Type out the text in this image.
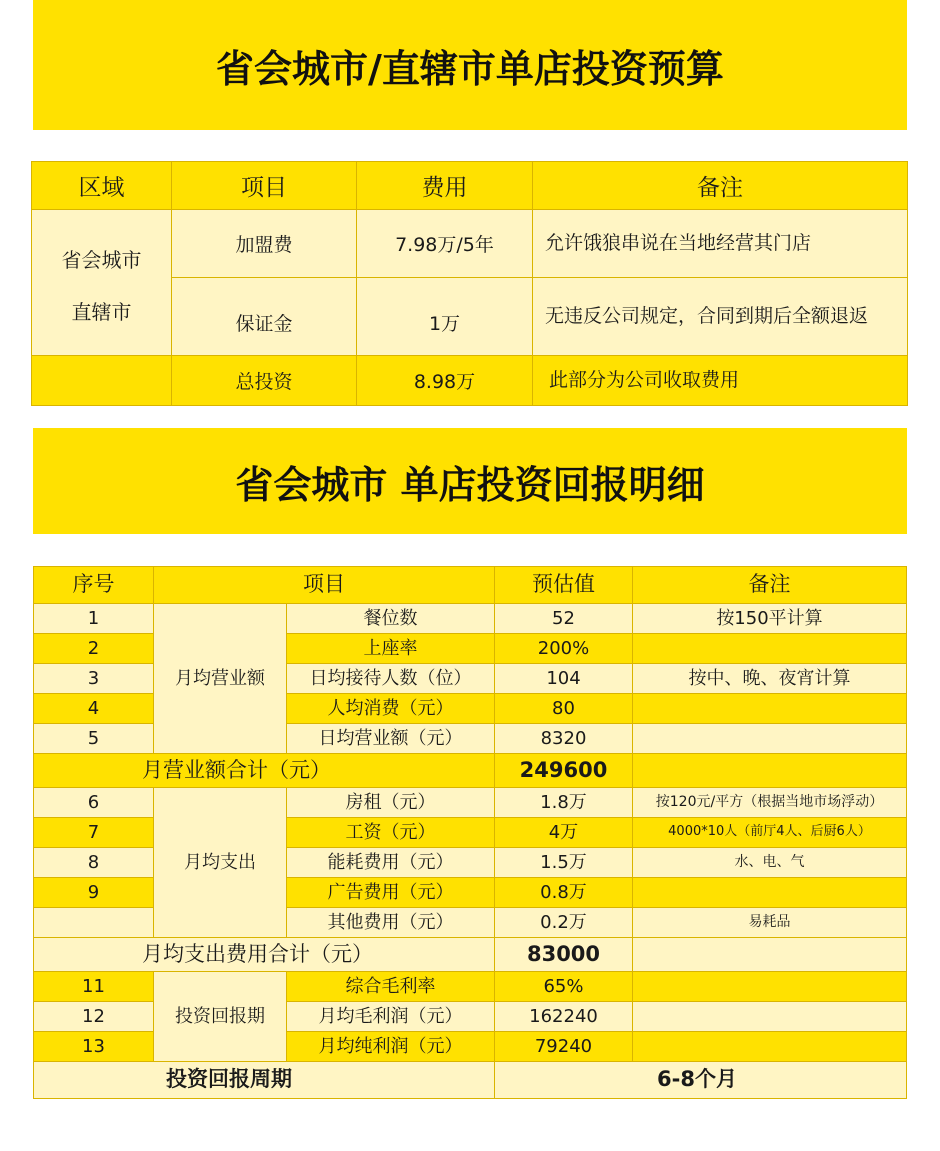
省会城市/直辖市单店投资预算
区域	项目	费用	备注

省会城市
直辖市	加盟费	7.98万/5年	允许饿狼串说在当地经营其门店
	保证金	1万	无违反公司规定，合同到期后全额退返
	总投资	8.98万	此部分为公司收取费用
省会城市 单店投资回报明细
序号	项目		预估值	备注
1	月均营业额	餐位数	52	按150平计算
2		上座率	200%	
3		日均接待人数（位）	104	按中、晚、夜宵计算
4		人均消费（元）	80	
5		日均营业额（元）	8320	
月营业额合计（元）			249600	
6	月均支出	房租（元）	1.8万	按120元/平方（根据当地市场浮动）
7		工资（元）	4万	4000*10人（前厅4人、后厨6人）
8		能耗费用（元）	1.5万	水、电、气
9		广告费用（元）	0.8万	
		其他费用（元）	0.2万	易耗品
月均支出费用合计（元）			83000	
11	投资回报期	综合毛利率	65%	
12		月均毛利润（元）	162240	
13		月均纯利润（元）	79240	
投资回报周期			6-8个月	
